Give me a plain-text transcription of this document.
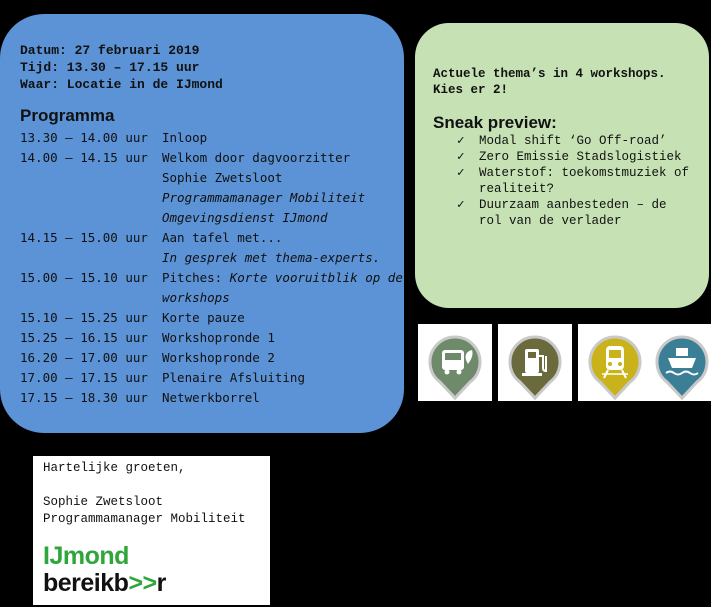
Datum: 27 februari 2019
Tijd: 13.30 – 17.15 uur
Waar: Locatie in de IJmond
Programma
13.30 – 14.00 uur Inloop
14.00 – 14.15 uur Welkom door dagvoorzitter
Sophie Zwetsloot
Programmamanager Mobiliteit
Omgevingsdienst IJmond
14.15 – 15.00 uur Aan tafel met...
In gesprek met thema-experts.
15.00 – 15.10 uur Pitches: Korte vooruitblik op de
workshops
15.10 – 15.25 uur Korte pauze
15.25 – 16.15 uur Workshopronde 1
16.20 – 17.00 uur Workshopronde 2
17.00 – 17.15 uur Plenaire Afsluiting
17.15 – 18.30 uur Netwerkborrel
Actuele thema’s in 4 workshops.
Kies er 2!
Sneak preview:
✓ Modal shift ‘Go Off-road’
✓ Zero Emissie Stadslogistiek
✓ Waterstof: toekomstmuziek of
realiteit?
✓ Duurzaam aanbesteden – de
rol van de verlader
Hartelijke groeten,

Sophie Zwetsloot
Programmamanager Mobiliteit
IJmond
bereikb>>r
